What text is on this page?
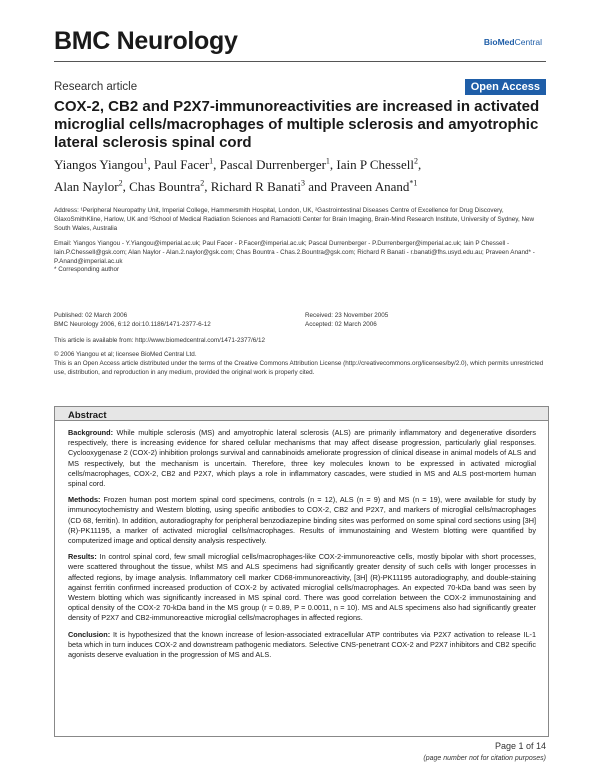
BMC Neurology	BioMedCentral
Research article	Open Access
COX-2, CB2 and P2X7-immunoreactivities are increased in activated microglial cells/macrophages of multiple sclerosis and amyotrophic lateral sclerosis spinal cord
Yiangos Yiangou$^1$, Paul Facer$^1$, Pascal Durrenberger$^1$, Iain P Chessell$^2$,
Alan Naylor$^2$, Chas Bountra$^2$, Richard R Banati$^3$ and Praveen Anand$^{*1}$
Address: ¹Peripheral Neuropathy Unit, Imperial College, Hammersmith Hospital, London, UK, ²Gastrointestinal Diseases Centre of Excellence for Drug Discovery, GlaxoSmithKline, Harlow, UK and ³School of Medical Radiation Sciences and Ramaciotti Center for Brain Imaging, Brain-Mind Research Institute, University of Sydney, New South Wales, Australia
Email: Yiangos Yiangou - Y.Yiangou@imperial.ac.uk; Paul Facer - P.Facer@imperial.ac.uk; Pascal Durrenberger - P.Durrenberger@imperial.ac.uk; Iain P Chessell - Iain.P.Chessell@gsk.com; Alan Naylor - Alan.2.naylor@gsk.com; Chas Bountra - Chas.2.Bountra@gsk.com; Richard R Banati - r.banati@fhs.usyd.edu.au; Praveen Anand* - P.Anand@imperial.ac.uk
* Corresponding author
Published: 02 March 2006
BMC Neurology 2006, 6:12 doi:10.1186/1471-2377-6-12
Received: 23 November 2005
Accepted: 02 March 2006
This article is available from: http://www.biomedcentral.com/1471-2377/6/12
© 2006 Yiangou et al; licensee BioMed Central Ltd.
This is an Open Access article distributed under the terms of the Creative Commons Attribution License (http://creativecommons.org/licenses/by/2.0), which permits unrestricted use, distribution, and reproduction in any medium, provided the original work is properly cited.
Abstract

Background: While multiple sclerosis (MS) and amyotrophic lateral sclerosis (ALS) are primarily inflammatory and degenerative disorders respectively, there is increasing evidence for shared cellular mechanisms that may affect disease progression, particularly glial responses. Cyclooxygenase 2 (COX-2) inhibition prolongs survival and cannabinoids ameliorate progression of clinical disease in animal models of ALS and MS respectively, but the mechanism is uncertain. Therefore, three key molecules known to be expressed in activated microglial cells/macrophages, COX-2, CB2 and P2X7, which plays a role in inflammatory cascades, were studied in MS and ALS post-mortem human spinal cord.

Methods: Frozen human post mortem spinal cord specimens, controls (n = 12), ALS (n = 9) and MS (n = 19), were available for study by immunocytochemistry and Western blotting, using specific antibodies to COX-2, CB2 and P2X7, and markers of microglial cells/macrophages (CD 68, ferritin). In addition, autoradiography for peripheral benzodiazepine binding sites was performed on some spinal cord sections using [3H] (R)-PK11195, a marker of activated microglial cells/macrophages. Results of immunostaining and Western blotting were quantified by computerized image and optical density analysis respectively.

Results: In control spinal cord, few small microglial cells/macrophages-like COX-2-immunoreactive cells, mostly bipolar with short processes, were scattered throughout the tissue, whilst MS and ALS specimens had significantly greater density of such cells with longer processes in affected regions, by image analysis. Inflammatory cell marker CD68-immunoreactivity, [3H] (R)-PK11195 autoradiography, and double-staining against ferritin confirmed increased production of COX-2 by activated microglial cells/macrophages. An expected 70-kDa band was seen by Western blotting which was significantly increased in MS spinal cord. There was good correlation between the COX-2 immunostaining and optical density of the COX-2 70-kDa band in the MS group (r = 0.89, P = 0.0011, n = 10). MS and ALS specimens also had significantly greater density of P2X7 and CB2-immunoreactive microglial cells/macrophages in affected regions.

Conclusion: It is hypothesized that the known increase of lesion-associated extracellular ATP contributes via P2X7 activation to release IL-1 beta which in turn induces COX-2 and downstream pathogenic mediators. Selective CNS-penetrant COX-2 and P2X7 inhibitors and CB2 specific agonists deserve evaluation in the progression of MS and ALS.

Page 1 of 14
(page number not for citation purposes)
